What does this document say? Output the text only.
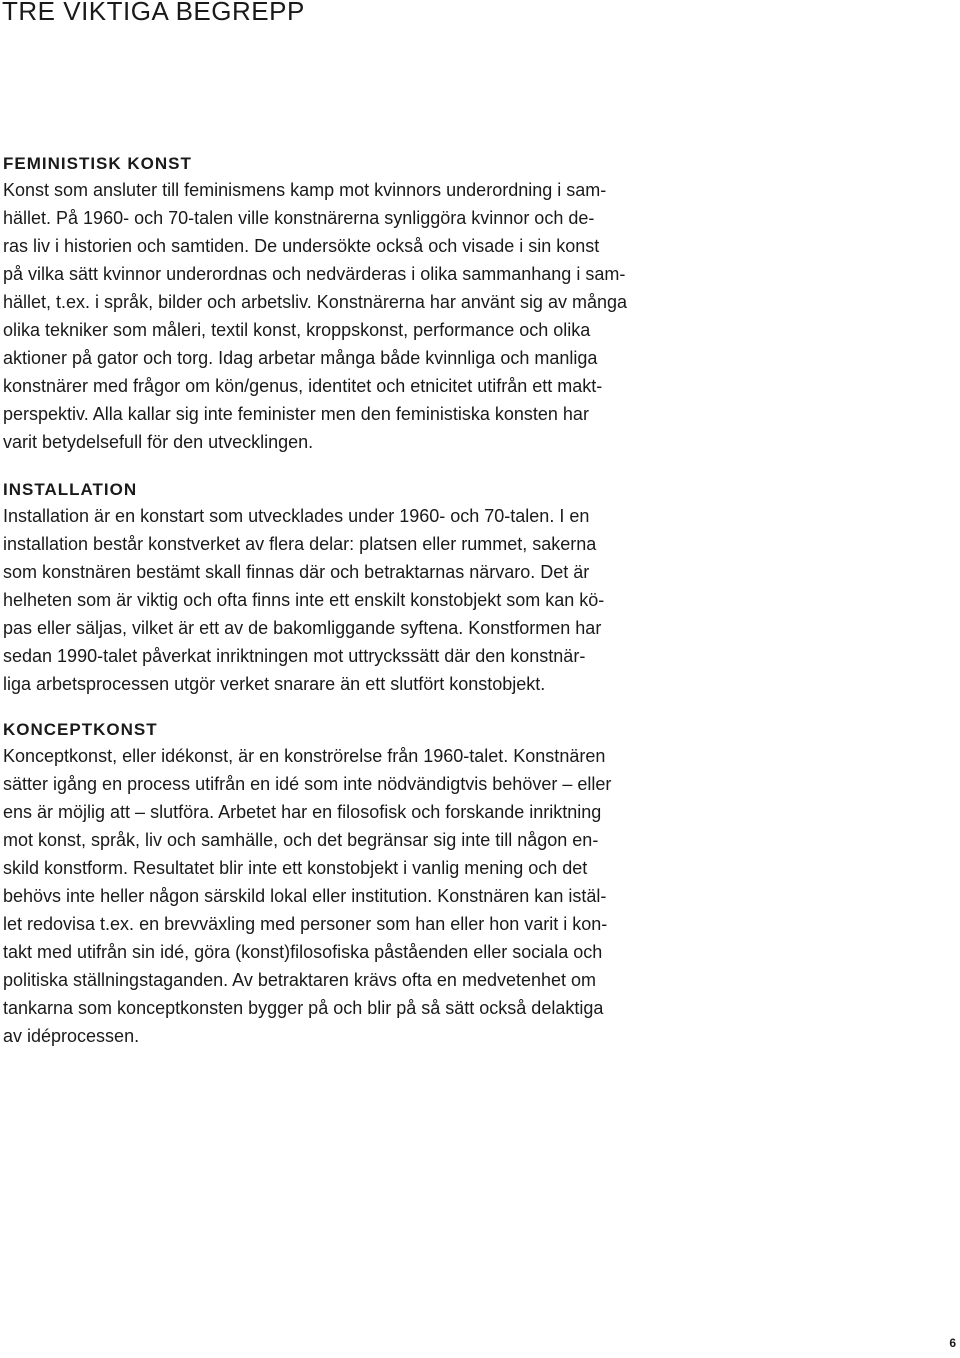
TRE VIKTIGA BEGREPP
FEMINISTISK KONST
Konst som ansluter till feminismens kamp mot kvinnors underordning i sam-
hället. På 1960- och 70-talen ville konstnärerna synliggöra kvinnor och de-
ras liv i historien och samtiden. De undersökte också och visade i sin konst
på vilka sätt kvinnor underordnas och nedvärderas i olika sammanhang i sam-
hället, t.ex. i språk, bilder och arbetsliv. Konstnärerna har använt sig av många
olika tekniker som måleri, textil konst, kroppskonst, performance och olika
aktioner på gator och torg. Idag arbetar många både kvinnliga och manliga
konstnärer med frågor om kön/genus, identitet och etnicitet utifrån ett makt-
perspektiv. Alla kallar sig inte feminister men den feministiska konsten har
varit betydelsefull för den utvecklingen.
INSTALLATION
Installation är en konstart som utvecklades under 1960- och 70-talen. I en
installation består konstverket av flera delar: platsen eller rummet, sakerna
som konstnären bestämt skall finnas där och betraktarnas närvaro. Det är
helheten som är viktig och ofta finns inte ett enskilt konstobjekt som kan kö-
pas eller säljas, vilket är ett av de bakomliggande syftena. Konstformen har
sedan 1990-talet påverkat inriktningen mot uttryckssätt där den konstnär-
liga arbetsprocessen utgör verket snarare än ett slutfört konstobjekt.
KONCEPTKONST
Konceptkonst, eller idékonst, är en konströrelse från 1960-talet. Konstnären
sätter igång en process utifrån en idé som inte nödvändigtvis behöver – eller
ens är möjlig att – slutföra. Arbetet har en filosofisk och forskande inriktning
mot konst, språk, liv och samhälle, och det begränsar sig inte till någon en-
skild konstform. Resultatet blir inte ett konstobjekt i vanlig mening och det
behövs inte heller någon särskild lokal eller institution. Konstnären kan istäl-
let redovisa t.ex. en brevväxling med personer som han eller hon varit i kon-
takt med utifrån sin idé, göra (konst)filosofiska påståenden eller sociala och
politiska ställningstaganden. Av betraktaren krävs ofta en medvetenhet om
tankarna som konceptkonsten bygger på och blir på så sätt också delaktiga
av idéprocessen.
6
